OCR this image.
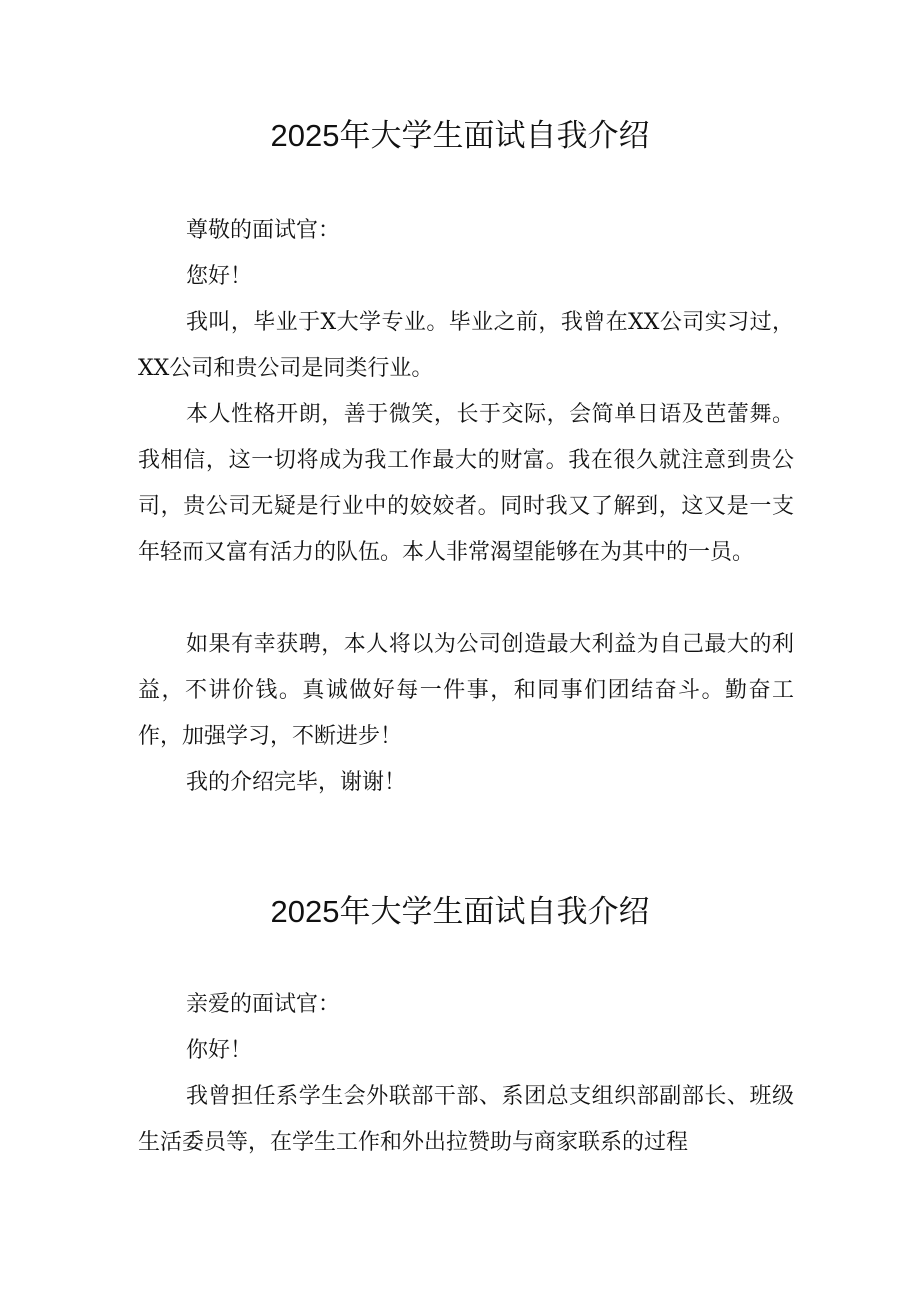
2025年大学生面试自我介绍

尊敬的面试官：

您好！

我叫，毕业于X大学专业。毕业之前，我曾在XX公司实习过，XX公司和贵公司是同类行业。

本人性格开朗，善于微笑，长于交际，会简单日语及芭蕾舞。我相信，这一切将成为我工作最大的财富。我在很久就注意到贵公司，贵公司无疑是行业中的姣姣者。同时我又了解到，这又是一支年轻而又富有活力的队伍。本人非常渴望能够在为其中的一员。

如果有幸获聘，本人将以为公司创造最大利益为自己最大的利益，不讲价钱。真诚做好每一件事，和同事们团结奋斗。勤奋工作，加强学习，不断进步！

我的介绍完毕，谢谢！

2025年大学生面试自我介绍

亲爱的面试官：

你好！

我曾担任系学生会外联部干部、系团总支组织部副部长、班级生活委员等，在学生工作和外出拉赞助与商家联系的过程
